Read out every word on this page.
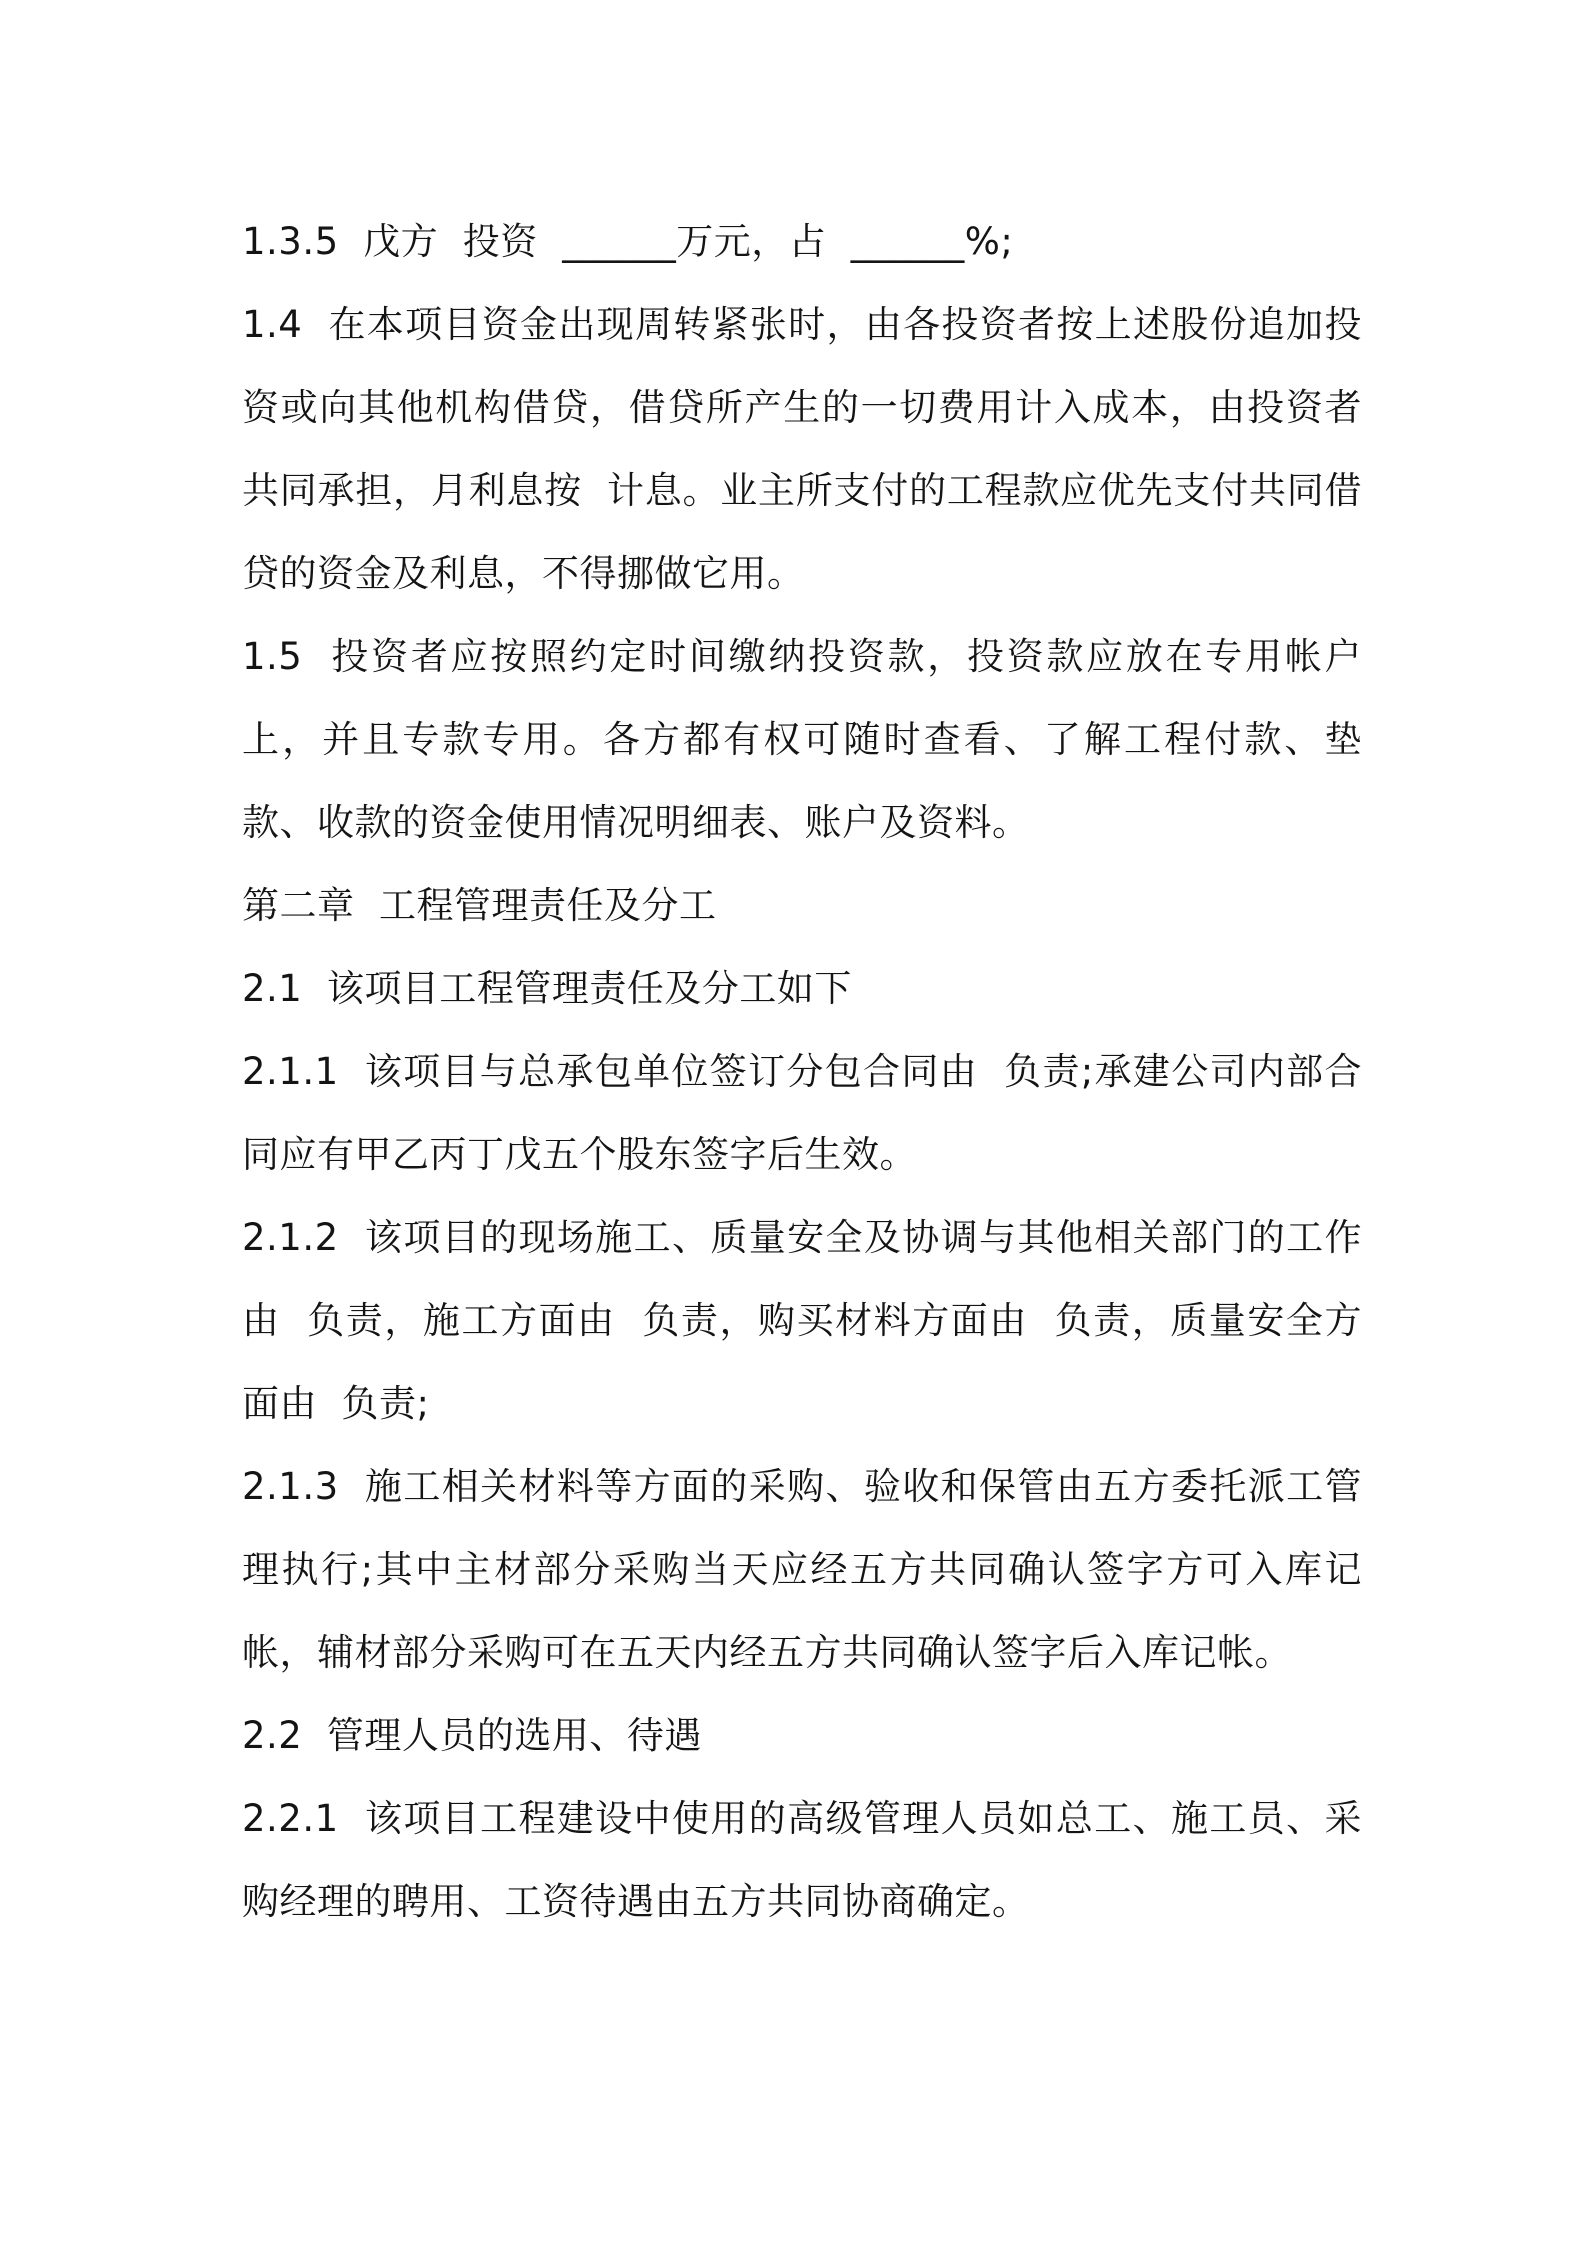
1.3.5  戊方  投资  ______万元，占  ______%;

1.4  在本项目资金出现周转紧张时，由各投资者按上述股份追加投资或向其他机构借贷，借贷所产生的一切费用计入成本，由投资者共同承担，月利息按  计息。业主所支付的工程款应优先支付共同借贷的资金及利息，不得挪做它用。

1.5  投资者应按照约定时间缴纳投资款，投资款应放在专用帐户上，并且专款专用。各方都有权可随时查看、了解工程付款、垫款、收款的资金使用情况明细表、账户及资料。

第二章  工程管理责任及分工

2.1  该项目工程管理责任及分工如下

2.1.1  该项目与总承包单位签订分包合同由  负责;承建公司内部合同应有甲乙丙丁戊五个股东签字后生效。

2.1.2  该项目的现场施工、质量安全及协调与其他相关部门的工作由  负责，施工方面由  负责，购买材料方面由  负责，质量安全方面由  负责;

2.1.3  施工相关材料等方面的采购、验收和保管由五方委托派工管理执行;其中主材部分采购当天应经五方共同确认签字方可入库记帐，辅材部分采购可在五天内经五方共同确认签字后入库记帐。

2.2  管理人员的选用、待遇

2.2.1  该项目工程建设中使用的高级管理人员如总工、施工员、采购经理的聘用、工资待遇由五方共同协商确定。
